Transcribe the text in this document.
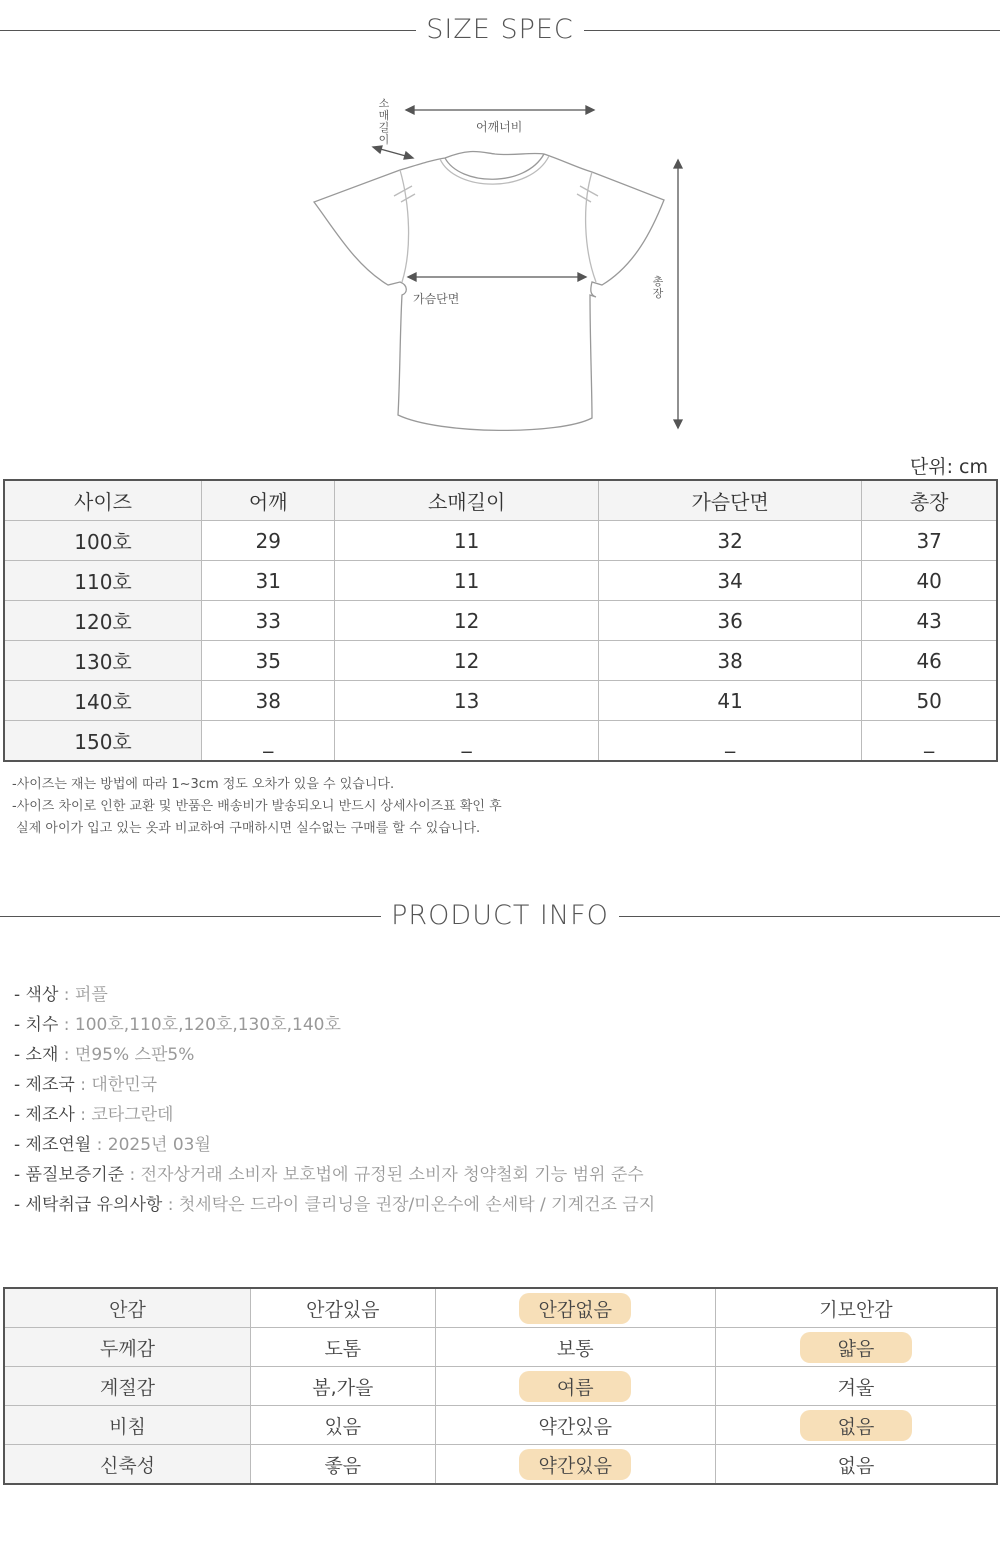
SIZE SPEC
어깨너비
소매길이
가슴단면
총장
단위: cm
사이즈	어깨	소매길이	가슴단면	총장
100호	29	11	32	37
110호	31	11	34	40
120호	33	12	36	43
130호	35	12	38	46
140호	38	13	41	50
150호	_	_	_	_
-사이즈는 재는 방법에 따라 1~3cm 정도 오차가 있을 수 있습니다.
-사이즈 차이로 인한 교환 및 반품은 배송비가 발송되오니 반드시 상세사이즈표 확인 후
실제 아이가 입고 있는 옷과 비교하여 구매하시면 실수없는 구매를 할 수 있습니다.
PRODUCT INFO
- 색상 : 퍼플
- 치수 : 100호,110호,120호,130호,140호
- 소재 : 면95% 스판5%
- 제조국 : 대한민국
- 제조사 : 코타그란데
- 제조연월 : 2025년 03월
- 품질보증기준 : 전자상거래 소비자 보호법에 규정된 소비자 청약철회 기능 범위 준수
- 세탁취급 유의사항 : 첫세탁은 드라이 클리닝을 권장/미온수에 손세탁 / 기계건조 금지
안감	안감있음	안감없음	기모안감
두께감	도톰	보통	얇음
계절감	봄,가을	여름	겨울
비침	있음	약간있음	없음
신축성	좋음	약간있음	없음
